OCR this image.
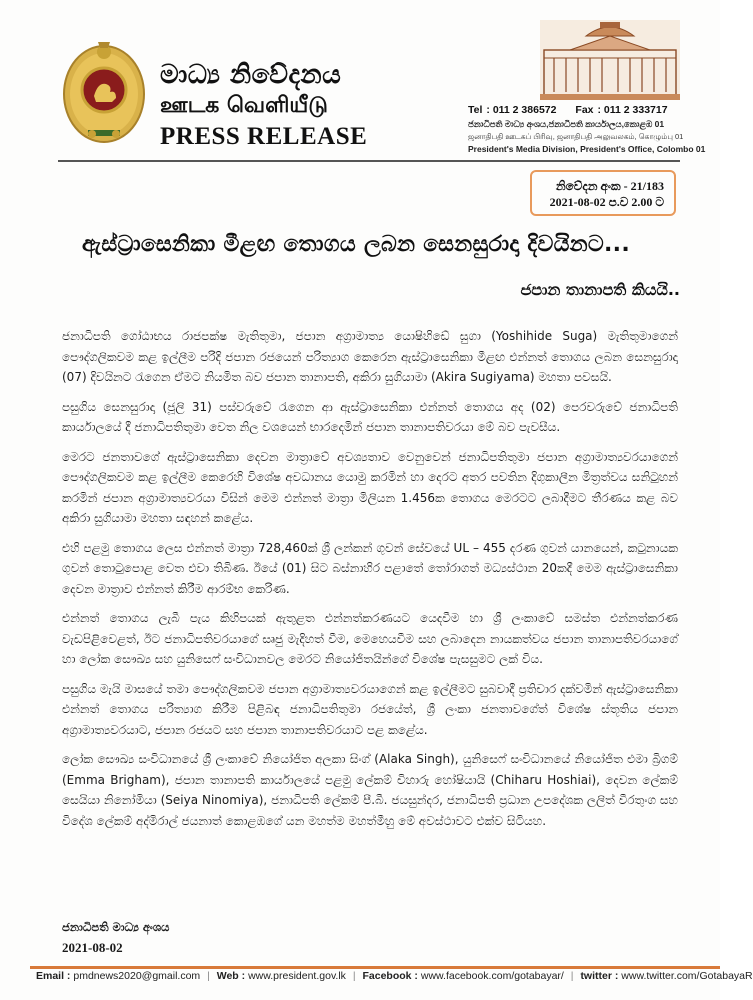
මාධ්‍ය නිවේදනය
ஊடக வெளியீடு
PRESS RELEASE
Tel : 011 2 386572 Fax : 011 2 333717
ජනාධිපති මාධ්‍ය අංශය,ජනාධිපති කාර්යාලය,කොළඹ 01
ஜனாதிபதி ஊடகப் பிரிவு, ஜனாதிபதி அலுவலகம், கொழும்பு 01
President's Media Division, President's Office, Colombo 01
නිවේදන අංක - 21/183
2021-08-02 ප.ව 2.00 ට
ඇස්ට්‍රාසෙනිකා මීළඟ තොගය ලබන සෙනසුරාදා දිවයිනට...
ජපාන තානාපති කියයි..

ජනාධිපති ගෝඨාභය රාජපක්ෂ මැතිතුමා, ජපාන අග්‍රාමාත්‍ය යොෂිහිඩේ සුගා (Yoshihide Suga) මැතිතුමාගෙන් පෞද්ගලිකවම කළ ඉල්ලීම පරිදි ජපාන රජයෙන් පරිත්‍යාග කෙරෙන ඇස්ට්‍රාසෙනිකා මීළඟ එන්නත් තොගය ලබන සෙනසුරාදා (07) දිවයිනට රැගෙන ඒමට නියමිත බව ජපාන තානාපති, අකිරා සුගියාමා (Akira Sugiyama) මහතා පවසයි.

පසුගිය සෙනසුරාදා (ජූලි 31) පස්වරුවේ රැගෙන ආ ඇස්ට්‍රාසෙනිකා එන්නත් තොගය අද (02) පෙරවරුවේ ජනාධිපති කාර්යාලයේ දී ජනාධිපතිතුමා වෙත නිල වශයෙන් භාරදෙමින් ජපාන තානාපතිවරයා මේ බව පැවසීය.

මෙරට ජනතාවගේ ඇස්ට්‍රාසෙනිකා දෙවන මාත්‍රාවේ අවශ්‍යතාව වෙනුවෙන් ජනාධිපතිතුමා ජපාන අග්‍රාමාත්‍යවරයාගෙන් පෞද්ගලිකවම කළ ඉල්ලීම කෙරෙහි විශේෂ අවධානය යොමු කරමින් හා දෙරට අතර පවතින දිගුකාලීන මිත්‍රත්වය සනිටුහන් කරමින් ජපාන අග්‍රාමාත්‍යවරයා විසින් මෙම එන්නත් මාත්‍රා මිලියන 1.456ක තොගය මෙරටට ලබාදීමට තීරණය කළ බව අකිරා සුගියාමා මහතා සඳහන් කළේය.

එහි පළමු තොගය ලෙස එන්නත් මාත්‍රා 728,460ක් ශ්‍රී ලන්කන් ගුවන් සේවයේ UL – 455 දරණ ගුවන් යානයෙන්, කටුනායක ගුවන් තොටුපොළ වෙත එවා තිබිණ. ඊයේ (01) සිට බස්නාහිර පළාතේ තෝරාගත් මධ්‍යස්ථාන 20කදී මෙම ඇස්ට්‍රාසෙනිකා දෙවන මාත්‍රාව එන්නත් කිරීම ආරම්භ කෙරිණ.

එන්නත් තොගය ලැබී පැය කිහිපයක් ඇතුළත එන්නත්කරණයට යෙදවීම හා ශ්‍රී ලංකාවේ සමස්ත එන්නත්කරණ වැඩපිළිවෙළත්, ඊට ජනාධිපතිවරයාගේ සෘජු මැදිහත් වීම, මෙහෙයවීම සහ ලබාදෙන නායකත්වය ජපාන තානාපතිවරයාගේ හා ලෝක සෞඛ්‍ය සහ යුනිසෙෆ් සංවිධානවල මෙරට නියෝජිතයින්ගේ විශේෂ පැසසුමට ලක් විය.

පසුගිය මැයි මාසයේ තමා පෞද්ගලිකවම ජපාන අග්‍රාමාත්‍යවරයාගෙන් කළ ඉල්ලීමට සුබවාදී ප්‍රතිචාර දක්වමින් ඇස්ට්‍රාසෙනිකා එන්නත් තොගය පරිත්‍යාග කිරීම පිළිබඳ ජනාධිපතිතුමා රජයේත්, ශ්‍රී ලංකා ජනතාවගේත් විශේෂ ස්තූතිය ජපාන අග්‍රාමාත්‍යවරයාට, ජපාන රජයට සහ ජපාන තානාපතිවරයාට පළ කළේය.

ලෝක සෞඛ්‍ය සංවිධානයේ ශ්‍රී ලංකාවේ නියෝජිත අලකා සිංග් (Alaka Singh), යුනිසෙෆ් සංවිධානයේ නියෝජිත එමා බ්‍රිගම් (Emma Brigham), ජපාන තානාපති කාර්යාලයේ පළමු ලේකම් චිහාරු හෝෂියායි (Chiharu Hoshiai), දෙවන ලේකම් සෙයියා නිනෝමියා (Seiya Ninomiya), ජනාධිපති ලේකම් පී.බී. ජයසුන්දර, ජනාධිපති ප්‍රධාන උපදේශක ලලිත් වීරතුංග සහ විදේශ ලේකම් අද්මිරාල් ජයනාත් කොළඹගේ යන මහත්ම මහත්මීහු මේ අවස්ථාවට එක්ව සිටියහ.

ජනාධිපති මාධ්‍ය අංශය
2021-08-02
Email : pmdnews2020@gmail.com | Web : www.president.gov.lk | Facebook : www.facebook.com/gotabayar/ | twitter : www.twitter.com/GotabayaR
